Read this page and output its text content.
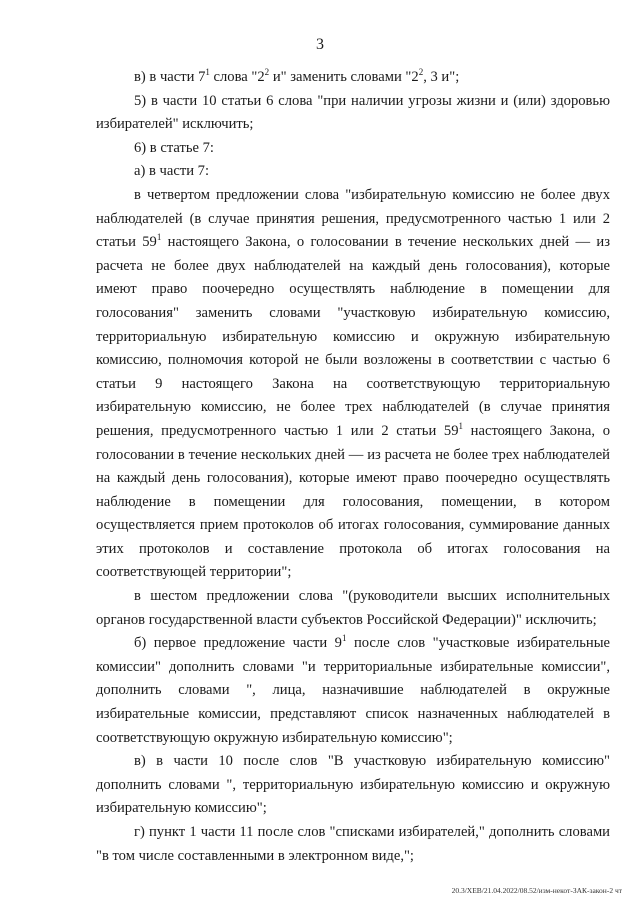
3

в) в части $7^1$ слова "$2^2$ и" заменить словами "$2^2$, 3 и";

5) в части 10 статьи 6 слова "при наличии угрозы жизни и (или) здоровью избирателей" исключить;

6) в статье 7:

а) в части 7:

в четвертом предложении слова "избирательную комиссию не более двух наблюдателей (в случае принятия решения, предусмотренного частью 1 или 2 статьи $59^1$ настоящего Закона, о голосовании в течение нескольких дней — из расчета не более двух наблюдателей на каждый день голосования), которые имеют право поочередно осуществлять наблюдение в помещении для голосования" заменить словами "участковую избирательную комиссию, территориальную избирательную комиссию и окружную избирательную комиссию, полномочия которой не были возложены в соответствии с частью 6 статьи 9 настоящего Закона на соответствующую территориальную избирательную комиссию, не более трех наблюдателей (в случае принятия решения, предусмотренного частью 1 или 2 статьи $59^1$ настоящего Закона, о голосовании в течение нескольких дней — из расчета не более трех наблюдателей на каждый день голосования), которые имеют право поочередно осуществлять наблюдение в помещении для голосования, помещении, в котором осуществляется прием протоколов об итогах голосования, суммирование данных этих протоколов и составление протокола об итогах голосования на соответствующей территории";

в шестом предложении слова "(руководители высших исполнительных органов государственной власти субъектов Российской Федерации)" исключить;

б) первое предложение части $9^1$ после слов "участковые избирательные комиссии" дополнить словами "и территориальные избирательные комиссии", дополнить словами ", лица, назначившие наблюдателей в окружные избирательные комиссии, представляют список назначенных наблюдателей в соответствующую окружную избирательную комиссию";

в) в части 10 после слов "В участковую избирательную комиссию" дополнить словами ", территориальную избирательную комиссию и окружную избирательную комиссию";

г) пункт 1 части 11 после слов "списками избирателей," дополнить словами "в том числе составленными в электронном виде,";

20.3/ХЕВ/21.04.2022/08.52/изм-некот-ЗАК-закон-2 чт
